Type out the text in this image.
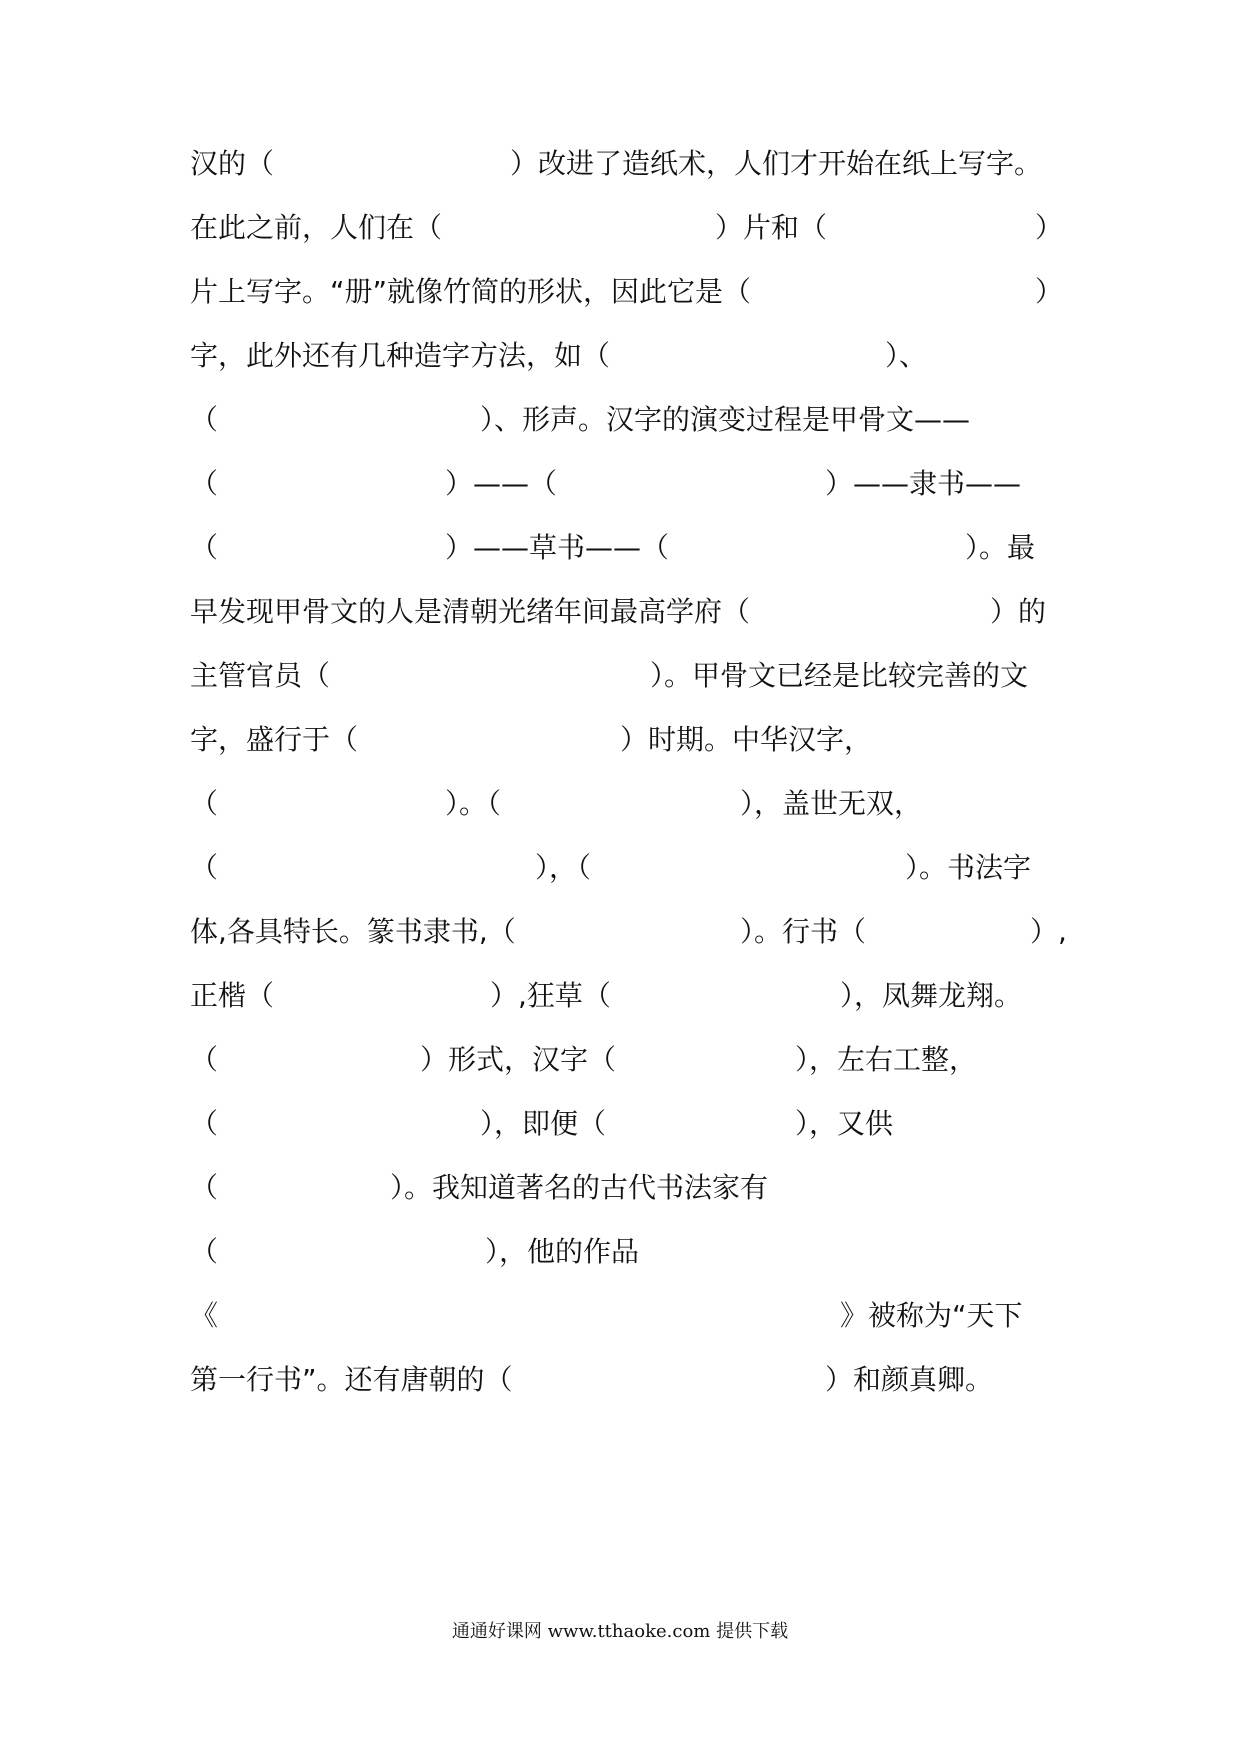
汉的（

	）改进了造纸术，人们才开始在纸上写字。

在此之前，人们在（

	）片和（

	）

片上写字。“册”就像竹简的形状，因此它是（

	）

字，此外还有几种造字方法，如（

	）、

（

	）、形声。汉字的演变过程是甲骨文——

（

	）——（

	）——隶书——

（

	）——草书——（

	）。最

早发现甲骨文的人是清朝光绪年间最高学府（

	）的

主管官员（

	）。甲骨文已经是比较完善的文

字，盛行于（

	）时期。中华汉字，

（

	）。（

	），盖世无双，

（

	），（

	）。书法字

体,各具特长。篆书隶书,（

	）。行书（

	）,

正楷（

	）,狂草（

	），凤舞龙翔。

（

	）形式，汉字（

	），左右工整，

（

	），即便（

	），又供

（

	）。我知道著名的古代书法家有

（

	），他的作品

《

	》被称为“天下

第一行书”。还有唐朝的（

	）和颜真卿。

通通好课网 www.tthaoke.com 提供下载
